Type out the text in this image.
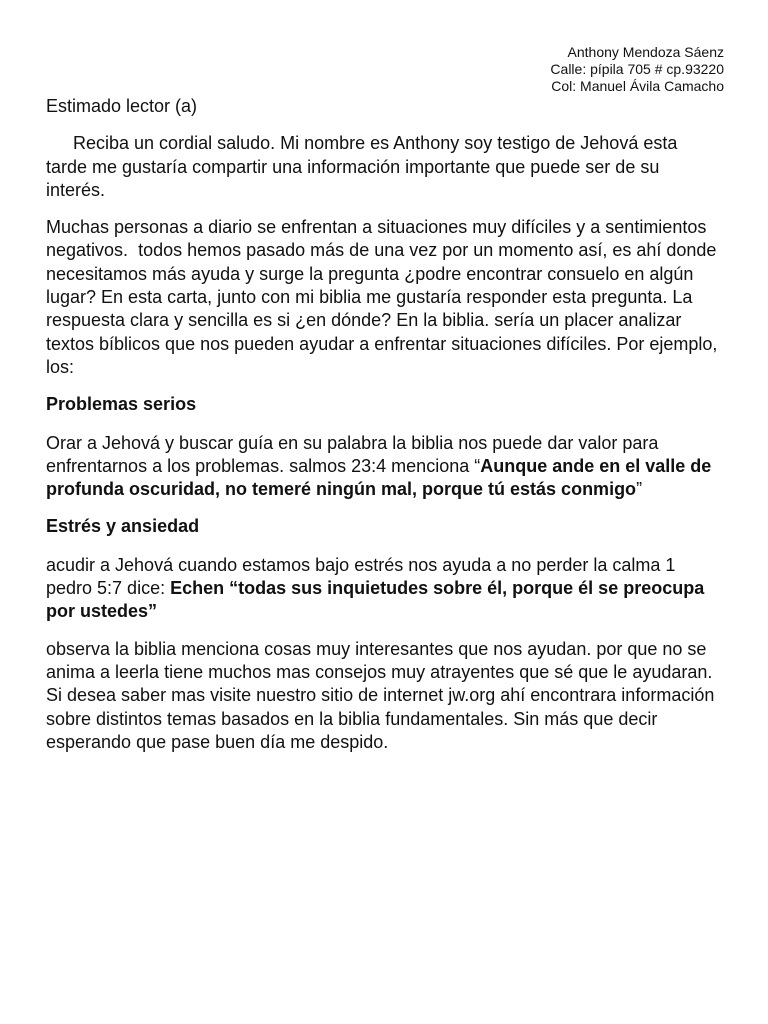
Anthony Mendoza Sáenz
Calle: pípila 705 # cp.93220
Col: Manuel Ávila Camacho

Estimado lector (a)

Reciba un cordial saludo. Mi nombre es Anthony soy testigo de Jehová esta tarde me gustaría compartir una información importante que puede ser de su interés.

Muchas personas a diario se enfrentan a situaciones muy difíciles y a sentimientos negativos.  todos hemos pasado más de una vez por un momento así, es ahí donde necesitamos más ayuda y surge la pregunta ¿podre encontrar consuelo en algún lugar? En esta carta, junto con mi biblia me gustaría responder esta pregunta. La respuesta clara y sencilla es si ¿en dónde? En la biblia. sería un placer analizar textos bíblicos que nos pueden ayudar a enfrentar situaciones difíciles. Por ejemplo, los:

Problemas serios

Orar a Jehová y buscar guía en su palabra la biblia nos puede dar valor para enfrentarnos a los problemas. salmos 23:4 menciona “Aunque ande en el valle de profunda oscuridad, no temeré ningún mal, porque tú estás conmigo”

Estrés y ansiedad

acudir a Jehová cuando estamos bajo estrés nos ayuda a no perder la calma 1 pedro 5:7 dice: Echen “todas sus inquietudes sobre él, porque él se preocupa por ustedes”

observa la biblia menciona cosas muy interesantes que nos ayudan. por que no se anima a leerla tiene muchos mas consejos muy atrayentes que sé que le ayudaran. Si desea saber mas visite nuestro sitio de internet jw.org ahí encontrara información sobre distintos temas basados en la biblia fundamentales. Sin más que decir esperando que pase buen día me despido.
